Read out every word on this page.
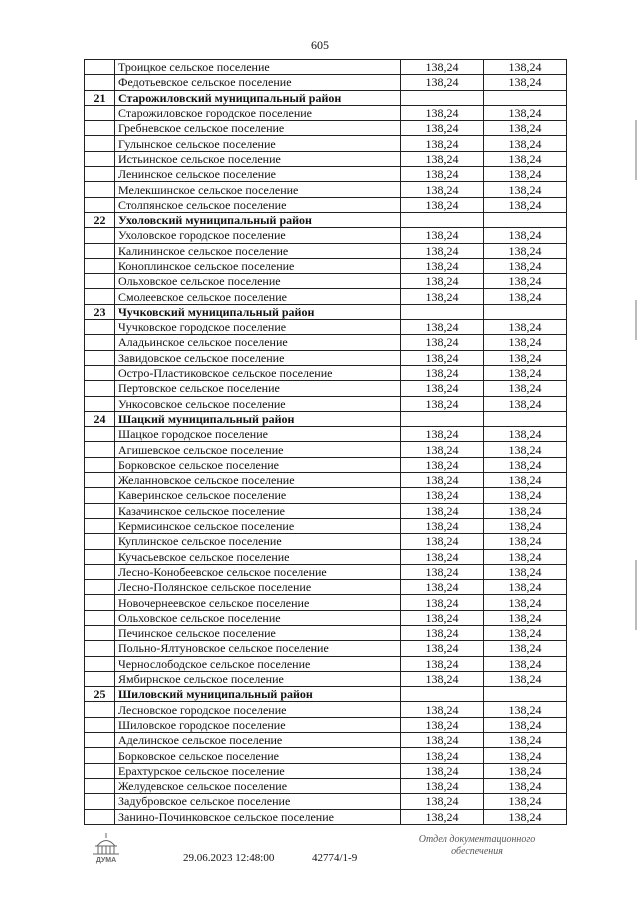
605
	Троицкое сельское поселение	138,24	138,24
	Федотьевское сельское поселение	138,24	138,24
21	Старожиловский муниципальный район		
	Старожиловское городское поселение	138,24	138,24
	Гребневское сельское поселение	138,24	138,24
	Гулынское сельское поселение	138,24	138,24
	Истьинское сельское поселение	138,24	138,24
	Ленинское сельское поселение	138,24	138,24
	Мелекшинское сельское поселение	138,24	138,24
	Столпянское сельское поселение	138,24	138,24
22	Ухоловский муниципальный район		
	Ухоловское городское поселение	138,24	138,24
	Калининское сельское поселение	138,24	138,24
	Коноплинское сельское поселение	138,24	138,24
	Ольховское сельское поселение	138,24	138,24
	Смолеевское сельское поселение	138,24	138,24
23	Чучковский муниципальный район		
	Чучковское городское поселение	138,24	138,24
	Аладьинское сельское поселение	138,24	138,24
	Завидовское сельское поселение	138,24	138,24
	Остро-Пластиковское сельское поселение	138,24	138,24
	Пертовское сельское поселение	138,24	138,24
	Ункосовское сельское поселение	138,24	138,24
24	Шацкий муниципальный район		
	Шацкое городское поселение	138,24	138,24
	Агишевское сельское поселение	138,24	138,24
	Борковское сельское поселение	138,24	138,24
	Желанновское сельское поселение	138,24	138,24
	Каверинское сельское поселение	138,24	138,24
	Казачинское сельское поселение	138,24	138,24
	Кермисинское сельское поселение	138,24	138,24
	Куплинское сельское поселение	138,24	138,24
	Кучасьевское сельское поселение	138,24	138,24
	Лесно-Конобеевское сельское поселение	138,24	138,24
	Лесно-Полянское сельское поселение	138,24	138,24
	Новочернеевское сельское поселение	138,24	138,24
	Ольховское сельское поселение	138,24	138,24
	Печинское сельское поселение	138,24	138,24
	Польно-Ялтуновское сельское поселение	138,24	138,24
	Чернослободское сельское поселение	138,24	138,24
	Ямбирнское сельское поселение	138,24	138,24
25	Шиловский муниципальный район		
	Лесновское городское поселение	138,24	138,24
	Шиловское городское поселение	138,24	138,24
	Аделинское сельское поселение	138,24	138,24
	Борковское сельское поселение	138,24	138,24
	Ерахтурское сельское поселение	138,24	138,24
	Желудевское сельское поселение	138,24	138,24
	Задубровское сельское поселение	138,24	138,24
	Занино-Починковское сельское поселение	138,24	138,24
ДУМА	29.06.2023 12:48:00	42774/1-9
Отдел документационного
обеспечения
